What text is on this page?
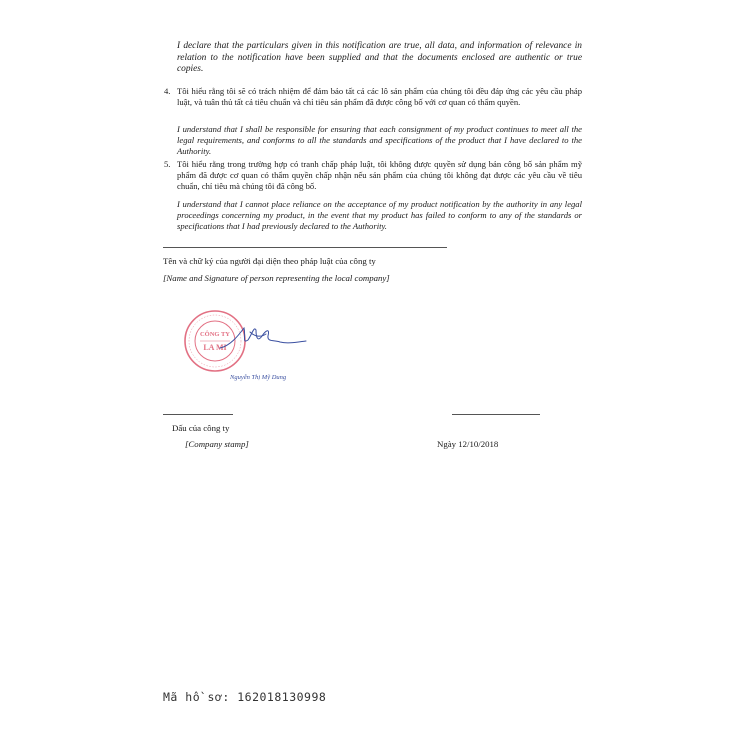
I declare that the particulars given in this notification are true, all data, and information of relevance in relation to the notification have been supplied and that the documents enclosed are authentic or true copies.
4. Tôi hiểu rằng tôi sẽ có trách nhiệm để đảm bảo tất cả các lô sản phẩm của chúng tôi đều đáp ứng các yêu cầu pháp luật, và tuân thủ tất cả tiêu chuẩn và chỉ tiêu sản phẩm đã được công bố với cơ quan có thẩm quyền.
I understand that I shall be responsible for ensuring that each consignment of my product continues to meet all the legal requirements, and conforms to all the standards and specifications of the product that I have declared to the Authority.
5. Tôi hiểu rằng trong trường hợp có tranh chấp pháp luật, tôi không được quyền sử dụng bản công bố sản phẩm mỹ phẩm đã được cơ quan có thẩm quyền chấp nhận nếu sản phẩm của chúng tôi không đạt được các yêu cầu về tiêu chuẩn, chỉ tiêu mà chúng tôi đã công bố.
I understand that I cannot place reliance on the acceptance of my product notification by the authority in any legal proceedings concerning my product, in the event that my product has failed to conform to any of the standards or specifications that I had previously declared to the Authority.
Tên và chữ ký của người đại diện theo pháp luật của công ty
[Name and Signature of person representing the local company]
CÔNG TY
LA MI
Nguyễn Thị Mỹ Dung
Dấu của công ty
[Company stamp]	Ngày 12/10/2018
Mã hồ sơ: 162018130998
